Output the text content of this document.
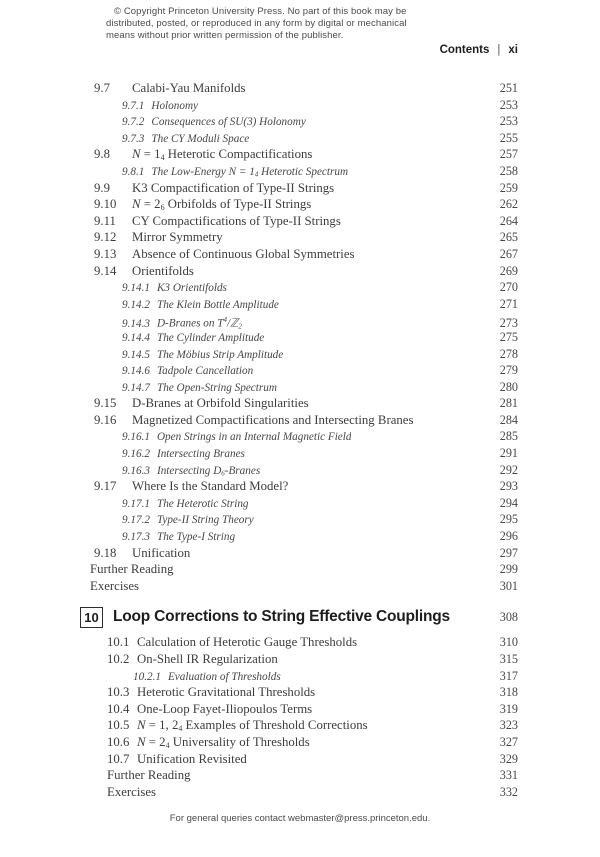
© Copyright Princeton University Press. No part of this book may be
distributed, posted, or reproduced in any form by digital or mechanical
means without prior written permission of the publisher.
Contents | xi
9.7	Calabi-Yau Manifolds	251
9.7.1 Holonomy	253
9.7.2 Consequences of SU(3) Holonomy	253
9.7.3 The CY Moduli Space	255
9.8	$N = 1_4$ Heterotic Compactifications	257
9.8.1 The Low-Energy $N = 1_4$ Heterotic Spectrum	258
9.9	K3 Compactification of Type-II Strings	259
9.10	$N = 2_6$ Orbifolds of Type-II Strings	262
9.11	CY Compactifications of Type-II Strings	264
9.12	Mirror Symmetry	265
9.13	Absence of Continuous Global Symmetries	267
9.14	Orientifolds	269
9.14.1 K3 Orientifolds	270
9.14.2 The Klein Bottle Amplitude	271
9.14.3 D-Branes on $T^4/ℤ_2$	273
9.14.4 The Cylinder Amplitude	275
9.14.5 The Möbius Strip Amplitude	278
9.14.6 Tadpole Cancellation	279
9.14.7 The Open-String Spectrum	280
9.15	D-Branes at Orbifold Singularities	281
9.16	Magnetized Compactifications and Intersecting Branes	284
9.16.1 Open Strings in an Internal Magnetic Field	285
9.16.2 Intersecting Branes	291
9.16.3 Intersecting $D_6$-Branes	292
9.17	Where Is the Standard Model?	293
9.17.1 The Heterotic String	294
9.17.2 Type-II String Theory	295
9.17.3 The Type-I String	296
9.18	Unification	297
Further Reading	299
Exercises	301
10 Loop Corrections to String Effective Couplings	308
10.1 Calculation of Heterotic Gauge Thresholds	310
10.2 On-Shell IR Regularization	315
10.2.1 Evaluation of Thresholds	317
10.3 Heterotic Gravitational Thresholds	318
10.4 One-Loop Fayet-Iliopoulos Terms	319
10.5 N = 1, $2_4$ Examples of Threshold Corrections	323
10.6 $N = 2_4$ Universality of Thresholds	327
10.7 Unification Revisited	329
Further Reading	331
Exercises	332
For general queries contact webmaster@press.princeton.edu.
